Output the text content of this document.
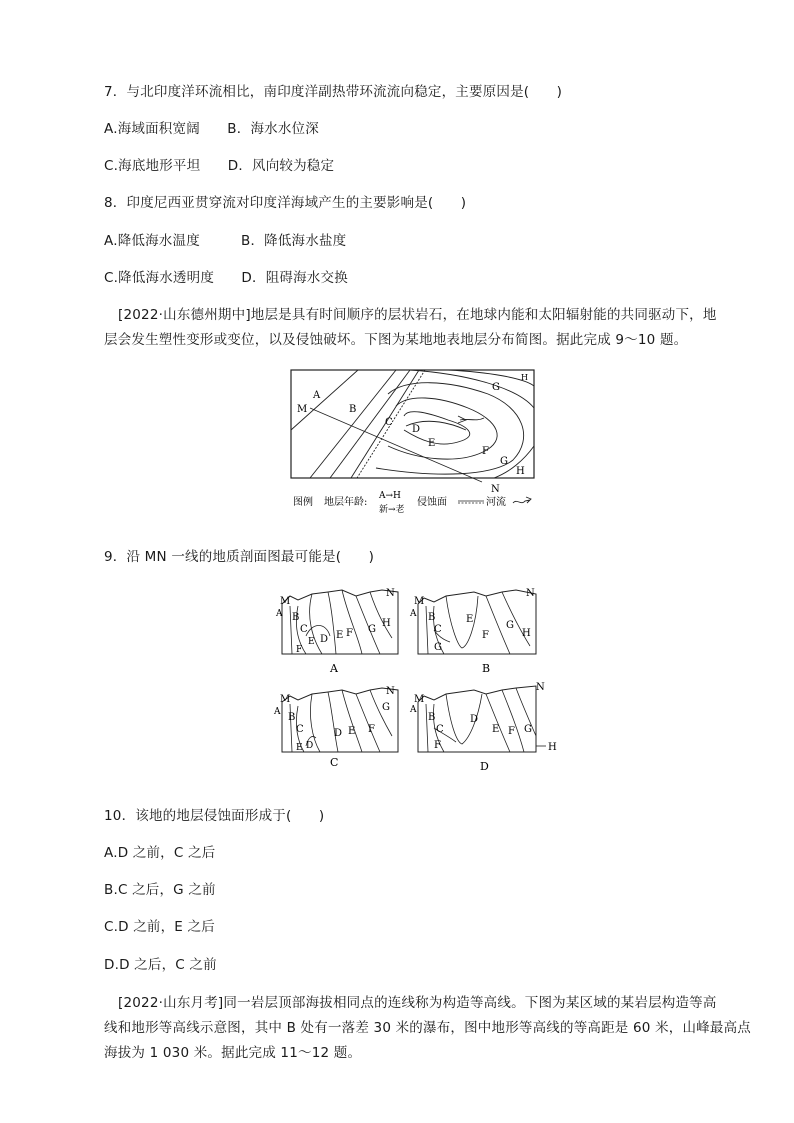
7．与北印度洋环流相比，南印度洋副热带环流流向稳定，主要原因是(　　)
A.海域面积宽阔　　B．海水水位深
C.海底地形平坦　　D．风向较为稳定
8．印度尼西亚贯穿流对印度洋海域产生的主要影响是(　　)
A.降低海水温度　　　B．降低海水盐度
C.降低海水透明度　　D．阻碍海水交换
[2022·山东德州期中]地层是具有时间顺序的层状岩石，在地球内能和太阳辐射能的共同驱动下，地
层会发生塑性变形或变位，以及侵蚀破坏。下图为某地地表地层分布简图。据此完成 9～10 题。
A
B
C
D
E
F
G
H
M
N
G
H
图例 地层年龄:
A→H
新→老
侵蚀面	河流
9．沿 MN 一线的地质剖面图最可能是(　　)
M
A
N
B
C
E D E F G
H
F
A
M
A
N
B
C
E
F
G
H
G
B
M
A
N
B
C
E D
D E F
G
C
M
A
N
B
C
D
E F G
H
F
D
10．该地的地层侵蚀面形成于(　　)
A.D 之前，C 之后
B.C 之后，G 之前
C.D 之前，E 之后
D.D 之后，C 之前
[2022·山东月考]同一岩层顶部海拔相同点的连线称为构造等高线。下图为某区域的某岩层构造等高
线和地形等高线示意图，其中 B 处有一落差 30 米的瀑布，图中地形等高线的等高距是 60 米，山峰最高点
海拔为 1 030 米。据此完成 11～12 题。
